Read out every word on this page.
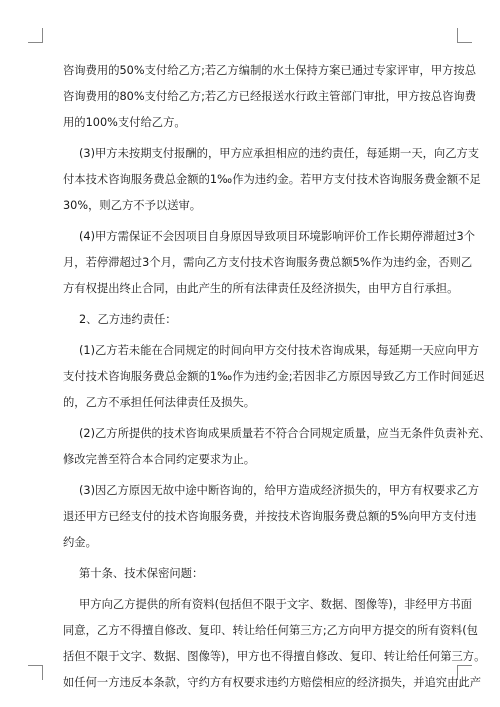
咨询费用的50%支付给乙方;若乙方编制的水土保持方案已通过专家评审，甲方按总
咨询费用的80%支付给乙方;若乙方已经报送水行政主管部门审批，甲方按总咨询费
用的100%支付给乙方。
(3)甲方未按期支付报酬的，甲方应承担相应的违约责任，每延期一天，向乙方支
付本技术咨询服务费总金额的1‰作为违约金。若甲方支付技术咨询服务费金额不足
30%，则乙方不予以送审。
(4)甲方需保证不会因项目自身原因导致项目环境影响评价工作长期停滞超过3个
月，若停滞超过3个月，需向乙方支付技术咨询服务费总额5%作为违约金，否则乙
方有权提出终止合同，由此产生的所有法律责任及经济损失，由甲方自行承担。
2、乙方违约责任：
(1)乙方若未能在合同规定的时间向甲方交付技术咨询成果，每延期一天应向甲方
支付技术咨询服务费总金额的1‰作为违约金;若因非乙方原因导致乙方工作时间延迟
的，乙方不承担任何法律责任及损失。
(2)乙方所提供的技术咨询成果质量若不符合合同规定质量，应当无条件负责补充、
修改完善至符合本合同约定要求为止。
(3)因乙方原因无故中途中断咨询的，给甲方造成经济损失的，甲方有权要求乙方
退还甲方已经支付的技术咨询服务费，并按技术咨询服务费总额的5%向甲方支付违
约金。
第十条、技术保密问题：
甲方向乙方提供的所有资料(包括但不限于文字、数据、图像等)，非经甲方书面
同意，乙方不得擅自修改、复印、转让给任何第三方;乙方向甲方提交的所有资料(包
括但不限于文字、数据、图像等)，甲方也不得擅自修改、复印、转让给任何第三方。
如任何一方违反本条款，守约方有权要求违约方赔偿相应的经济损失，并追究由此产
